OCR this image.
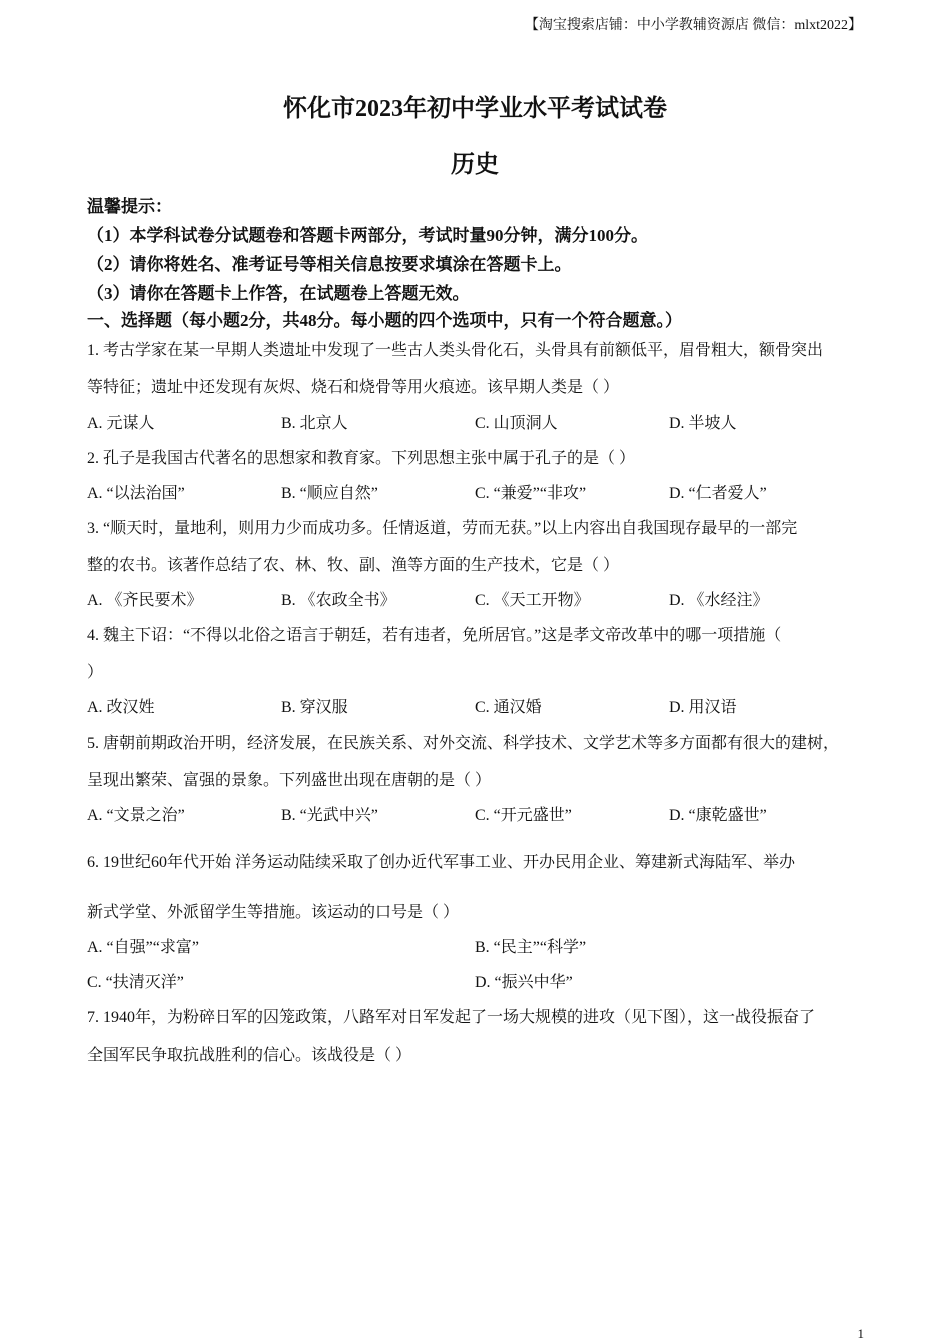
【淘宝搜索店铺：中小学教辅资源店 微信：mlxt2022】
怀化市2023年初中学业水平考试试卷
历史
温馨提示：
（1）本学科试卷分试题卷和答题卡两部分，考试时量90分钟，满分100分。
（2）请你将姓名、准考证号等相关信息按要求填涂在答题卡上。
（3）请你在答题卡上作答，在试题卷上答题无效。
一、选择题（每小题2分，共48分。每小题的四个选项中，只有一个符合题意。）
1. 考古学家在某一早期人类遗址中发现了一些古人类头骨化石，头骨具有前额低平，眉骨粗大，额骨突出
等特征；遗址中还发现有灰烬、烧石和烧骨等用火痕迹。该早期人类是（ ）
A. 元谋人	B. 北京人	C. 山顶洞人	D. 半坡人
2. 孔子是我国古代著名的思想家和教育家。下列思想主张中属于孔子的是（ ）
A. “以法治国”	B. “顺应自然”	C. “兼爱”“非攻”	D. “仁者爱人”
3. “顺天时，量地利，则用力少而成功多。任情返道，劳而无获。”以上内容出自我国现存最早的一部完
整的农书。该著作总结了农、林、牧、副、渔等方面的生产技术，它是（ ）
A. 《齐民要术》	B. 《农政全书》	C. 《天工开物》	D. 《水经注》
4. 魏主下诏：“不得以北俗之语言于朝廷，若有违者，免所居官。”这是孝文帝改革中的哪一项措施（
）
A. 改汉姓	B. 穿汉服	C. 通汉婚	D. 用汉语
5. 唐朝前期政治开明，经济发展，在民族关系、对外交流、科学技术、文学艺术等多方面都有很大的建树，
呈现出繁荣、富强的景象。下列盛世出现在唐朝的是（ ）
A. “文景之治”	B. “光武中兴”	C. “开元盛世”	D. “康乾盛世”
6. 19世纪60年代开始 洋务运动陆续采取了创办近代军事工业、开办民用企业、筹建新式海陆军、举办
新式学堂、外派留学生等措施。该运动的口号是（ ）
A. “自强”“求富”	B. “民主”“科学”
C. “扶清灭洋”	D. “振兴中华”
7. 1940年，为粉碎日军的囚笼政策，八路军对日军发起了一场大规模的进攻（见下图），这一战役振奋了
全国军民争取抗战胜利的信心。该战役是（ ）
1
